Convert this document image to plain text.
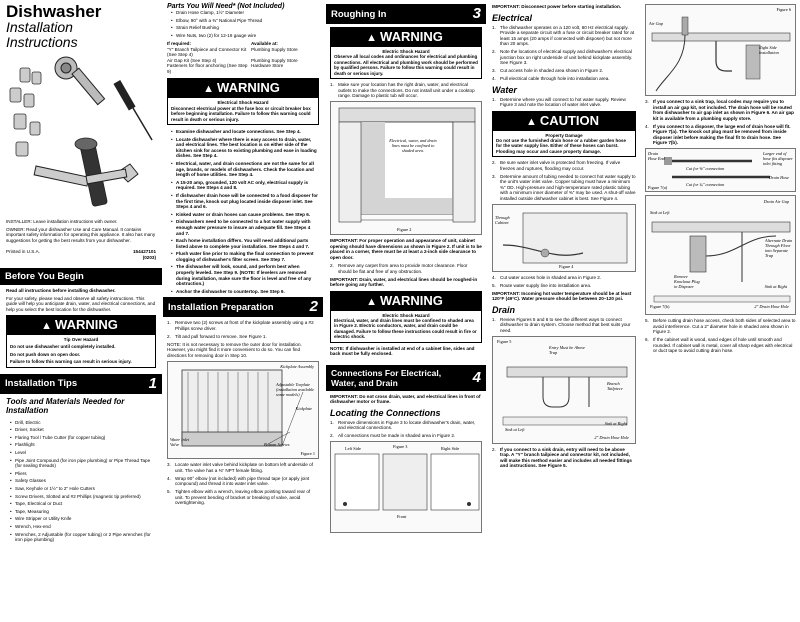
Dishwasher
Installation
Instructions
INSTALLER: Leave installation instructions with owner.
OWNER: Read your dishwasher Use and Care Manual. It contains important safety information for operating this appliance. It also has many suggestions for getting the best results from your dishwasher.
Printed in U.S.A.	154427101 (0203)
Before You Begin
Read all instructions before installing dishwasher.
For your safety, please read and observe all safety instructions. This guide will help you anticipate drain, water, and electrical connections, and help you select the best location for the dishwasher.
▲ WARNING
Tip Over Hazard
Do not use dishwasher until completely installed.
Do not push down on open door.
Failure to follow this warning can result in serious injury.
Installation Tips	1
Tools and Materials Needed for Installation
• Drill, Electric
• Driver, Socket
• Flaring Tool / Tube Cutter (for copper tubing)
• Flashlight
• Level
• Pipe Joint Compound (for iron pipe plumbing) or Pipe Thread Tape (for sealing threads)
• Pliers
• Safety Glasses
• Saw, Keyhole or 1½" to 2" Hole Cutters
• Screw Drivers, Slotted and #2 Phillips (magnetic tip preferred)
• Tape, Electrical or Duct
• Tape, Measuring
• Wire Stripper or Utility Knife
• Wrench, Hex-end
• Wrenches, 2 Adjustable (for copper tubing) or 2 Pipe wrenches (for iron pipe plumbing)
Parts You Will Need* (Not Included)
• Drain Hose Clamp, 1½" Diameter
• Elbow, 90° with a ⅜" National Pipe Thread
• Strain Relief Bushing
• Wire Nuts, two (2) for 12-16 gauge wire
If required:	Available at:
"Y" Branch Tailpiece and Connector Kit (See Step 4)
Plumbing Supply Store
Air Gap Kit (See Step 4)	Plumbing Supply Store
Fasteners for floor anchoring (See Step 9)
Hardware Store
▲ WARNING
Electrical Shock Hazard
Disconnect electrical power at the fuse box or circuit breaker box before beginning installation. Failure to follow this warning could result in death or serious injury.
• Examine dishwasher and locate connections. See Step 4.
• Locate dishwasher where there is easy access to drain, water, and electrical lines. The best location is on either side of the kitchen sink for access to existing plumbing and ease in loading dishes. See Step 4.
• Electrical, water, and drain connections are not the same for all age, brands, or models of dishwashers. Check the location and length of home utilities. See Step 4.
• A 15-20 amp, grounded, 120 volt AC only, electrical supply is required. See Steps 4 and 8.
• If dishwasher drain hose will be connected to a food disposer for the first time, knock out plug located inside disposer inlet. See Steps 4 and 6.
• Kinked water or drain hoses can cause problems. See Step 6.
• Dishwashers need to be connected to a hot water supply with enough water pressure to insure an adequate fill. See Steps 4 and 7.
• Each home installation differs. You will need additional parts listed above to complete your installation. See Steps 4 and 7.
• Flush water line prior to making the final connection to prevent clogging of dishwasher's filter screen. See Step 7.
• The dishwasher will look, sound, and perform best when properly leveled. See Step 9. (NOTE: If levelers are removed during installation, make sure the floor is level and free of any obstruction.)
• Anchor the dishwasher to countertop. See Step 9.
Installation Preparation 2
1. Remove two (2) screws at front of the kickplate assembly using a #2 Phillips screw driver.
2. Tilt and pull forward to remove. See Figure 1.
NOTE: It is not necessary to remove the outer door for installation. However, you might find it more convenient to do so. You can find directions for removing door in Step 10.
Kickplate Assembly
Adjustable Toeplate (installation available some models)
Kickplate
Water Inlet Valve	Bottom Screws
Figure 1
3. Locate water inlet valve behind kickplate on bottom left underside of unit. The valve has a ⅜" NPT female fitting.
4. Wrap 90° elbow (not included) with pipe thread tape (or apply joint compound) and thread it into water inlet valve.
5. Tighten elbow with a wrench, leaving elbow pointing toward rear of unit. To prevent bending of bracket or breaking of valve, avoid overtightening.
Roughing In	3
▲ WARNING
Electric Shock Hazard
Observe all local codes and ordinances for electrical and plumbing connections. All electrical and plumbing work should be performed by qualified persons. Failure to follow this warning could result in death or serious injury.
1. Make sure your location has the right drain, water, and electrical outlets to make the connections. Do not install unit under a cooktop range. Damage to plastic tub will occur.
Electrical, water, and drain lines must be confined to shaded area.
Figure 2
IMPORTANT: For proper operation and appearance of unit, cabinet opening should have dimensions as shown in Figure 2. If unit is to be placed in a corner, there must be at least a 2-inch side clearance to open door.
2. Remove any carpet from area to provide motor clearance. Floor should be flat and free of any obstruction.
IMPORTANT: Drain, water, and electrical lines should be roughed-in before going any further.
▲ WARNING
Electric Shock Hazard
Electrical, water, and drain lines must be confined to shaded area in Figure 2. Electric conductors, water, and drain could be damaged. Failure to follow these instructions could result in fire or electric shock.
NOTE: If dishwasher is installed at end of a cabinet line, sides and back must be fully enclosed.
Connections For Electrical, Water, and Drain	4
IMPORTANT: Do not cross drain, water, and electrical lines in front of dishwasher motor or frame.
Locating the Connections
1. Remove dimensions in Figure 3 to locate dishwasher's drain, water, and electrical connections.
2. All connections must be made in shaded area in Figure 2.
Figure 3
Left Side
Front
Right Side
IMPORTANT: Disconnect power before starting installation.
Electrical
1. The dishwasher operates on a 120 volt, 60 Hz electrical supply. Provide a separate circuit with a fuse or circuit breaker rated for at least 15 amps (20 amps if connected with disposer) but not more than 20 amps.
2. Note the locations of electrical supply and dishwasher's electrical junction box on right underside of unit behind kickplate assembly. See Figure 3.
3. Cut access hole in shaded area shown in Figure 2.
4. Pull electrical cable through hole into installation area.
Water
1. Determine where you will connect to hot water supply. Review Figure 3 and note the location of water inlet valve.
▲ CAUTION
Property Damage
Do not use the furnished drain hose or a rubber garden hose for the water supply line. Either of these hoses can burst. Flooding may occur and cause property damage.
2. Be sure water inlet valve is protected from freezing. If valve freezes and ruptures, flooding may occur.
3. Determine amount of tubing needed to connect hot water supply to the unit's water inlet valve. Copper tubing must have a minimum ⅜" OD. High-pressure and high-temperature rated plastic tubing with a minimum inner diameter of ⅜" may be used. A shut-off valve installed outside dishwasher cabinet is best. See Figure 4.
Through Cabinet
Figure 4
4. Cut water access hole in shaded area in Figure 2.
5. Route water supply line into installation area.
IMPORTANT: Incoming hot water temperature should be at least 120°F (49°C). Water pressure should be between 20–120 psi.
Drain
1. Review Figures 5 and 6 to see the different ways to connect dishwasher to drain system. Choose method that best suits your need.
Figure 5
Entry Must be Above Trap
Branch Tailpiece
Sink at Left
Sink at Right
2" Drain Hose Hole
2. If you connect to a sink drain, entry will need to be above trap. A "Y" branch tailpiece and connector kit, not included, will make this method easier and includes all needed fittings and instructions. See Figure 5.
Figure 6
Air Gap
Right Side Installation
3. If you connect to a sink trap, local codes may require you to install an air gap kit, not included. The drain hose will be routed from dishwasher to air gap inlet as shown in Figure 6. An air gap kit is available from a plumbing supply store.
4. If you connect to a disposer, the large end of drain hose will fit. Figure 7(a). The knock out plug must be removed from inside disposer inlet before making the final fit to drain hose. See Figure 7(b).
Drain Hose End
Cut for ⅝" connection
Larger end of hose fits disposer inlet fitting
Drain Hose
Cut for ¾" connection
Figure 7(a)
Sink at Left
Drain Air Gap
Alternate Drain Through Floor into Separate Trap
Remove Knockout Plug in Disposer	Sink at Right
2" Drain Hose Hole
Figure 7(b)
5. Before cutting drain hose access, check both sides of selected area to avoid interference. Cut a 2" diameter hole in shaded area shown in Figure 2.
6. If the cabinet wall is wood, sand edges of hole until smooth and rounded. If cabinet wall is metal, cover all sharp edges with electrical or duct tape to avoid cutting drain hose.
